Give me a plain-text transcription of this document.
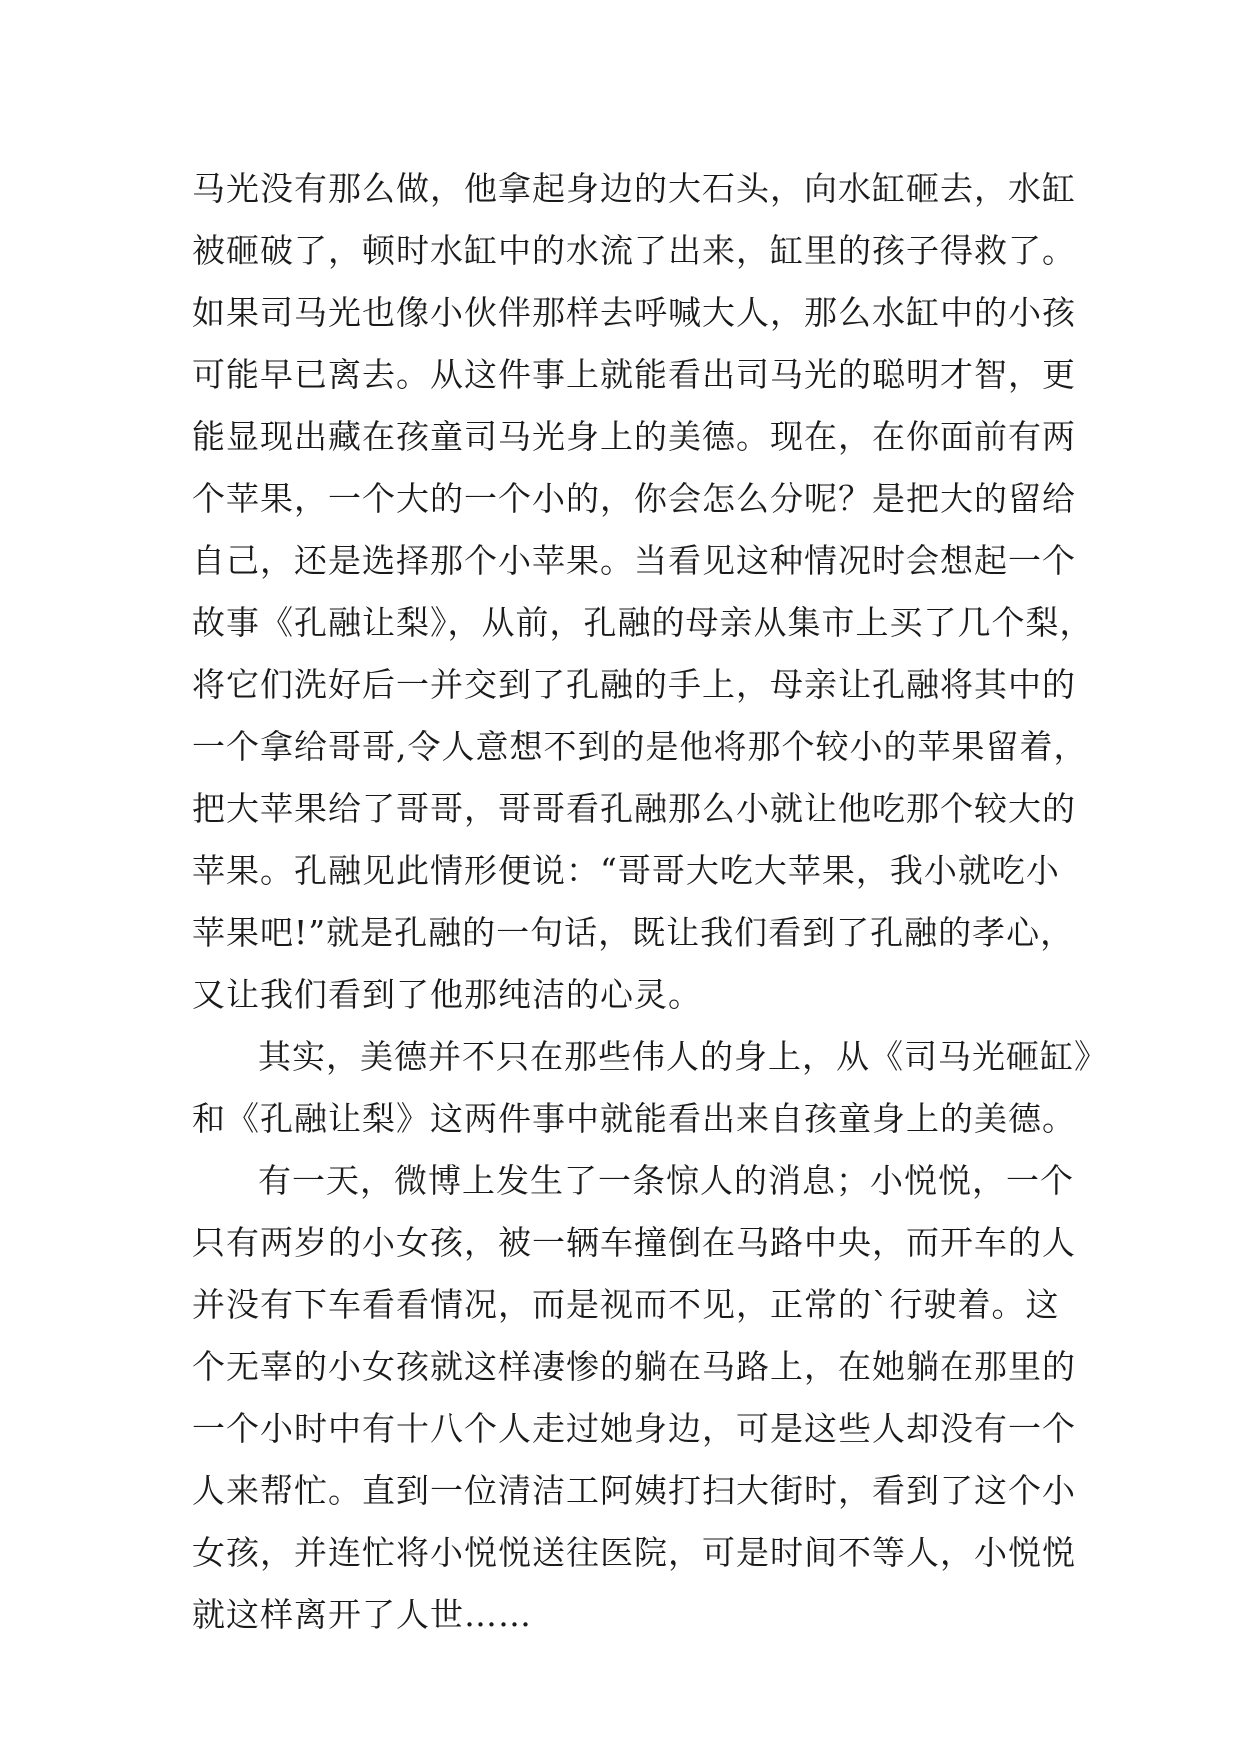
马光没有那么做，他拿起身边的大石头，向水缸砸去，水缸
被砸破了，顿时水缸中的水流了出来，缸里的孩子得救了。
如果司马光也像小伙伴那样去呼喊大人，那么水缸中的小孩
可能早已离去。从这件事上就能看出司马光的聪明才智，更
能显现出藏在孩童司马光身上的美德。现在，在你面前有两
个苹果，一个大的一个小的，你会怎么分呢？是把大的留给
自己，还是选择那个小苹果。当看见这种情况时会想起一个
故事《孔融让梨》，从前，孔融的母亲从集市上买了几个梨，
将它们洗好后一并交到了孔融的手上，母亲让孔融将其中的
一个拿给哥哥,令人意想不到的是他将那个较小的苹果留着，
把大苹果给了哥哥，哥哥看孔融那么小就让他吃那个较大的
苹果。孔融见此情形便说：“哥哥大吃大苹果，我小就吃小
苹果吧!”就是孔融的一句话，既让我们看到了孔融的孝心，
又让我们看到了他那纯洁的心灵。
其实，美德并不只在那些伟人的身上，从《司马光砸缸》
和《孔融让梨》这两件事中就能看出来自孩童身上的美德。
有一天，微博上发生了一条惊人的消息；小悦悦，一个
只有两岁的小女孩，被一辆车撞倒在马路中央，而开车的人
并没有下车看看情况，而是视而不见，正常的`行驶着。这
个无辜的小女孩就这样凄惨的躺在马路上，在她躺在那里的
一个小时中有十八个人走过她身边，可是这些人却没有一个
人来帮忙。直到一位清洁工阿姨打扫大街时，看到了这个小
女孩，并连忙将小悦悦送往医院，可是时间不等人，小悦悦
就这样离开了人世……
